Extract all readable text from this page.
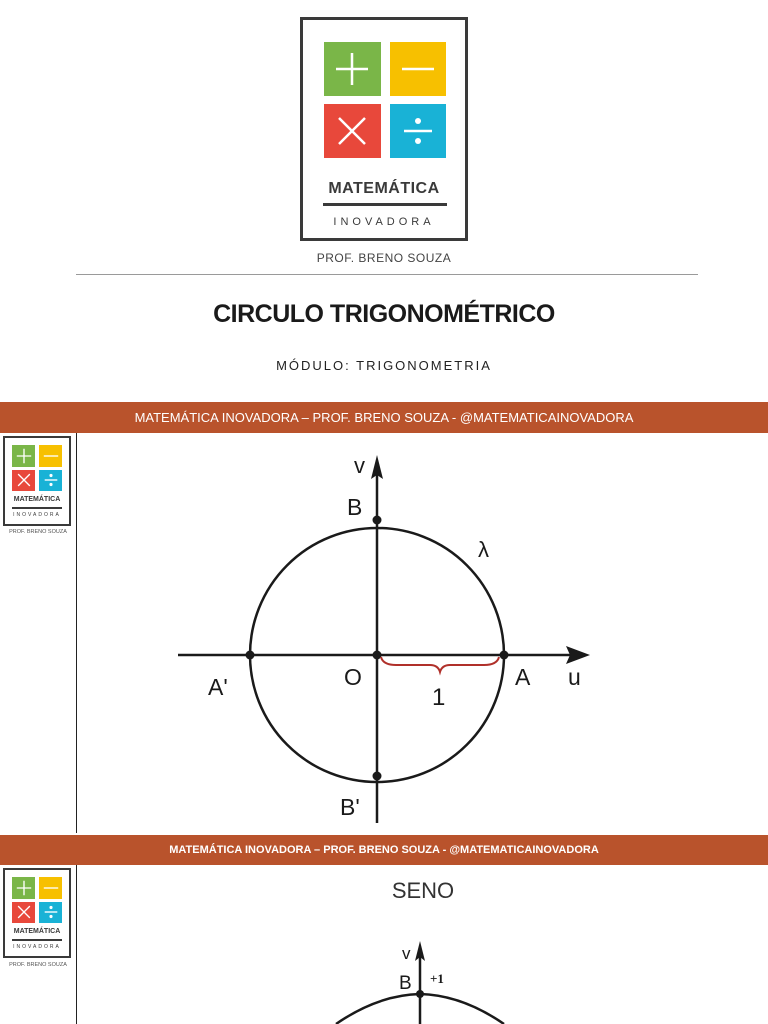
MATEMÁTICA
INOVADORA
PROF. BRENO SOUZA
CIRCULO TRIGONOMÉTRICO
MÓDULO: TRIGONOMETRIA
MATEMÁTICA INOVADORA – PROF. BRENO SOUZA - @MATEMATICAINOVADORA
MATEMÁTICA
INOVADORA
PROF. BRENO SOUZA
v
B
λ
A'	O
1
A u
B'
MATEMÁTICA INOVADORA – PROF. BRENO SOUZA - @MATEMATICAINOVADORA
MATEMÁTICA
INOVADORA
PROF. BRENO SOUZA
SENO
v
B +1
